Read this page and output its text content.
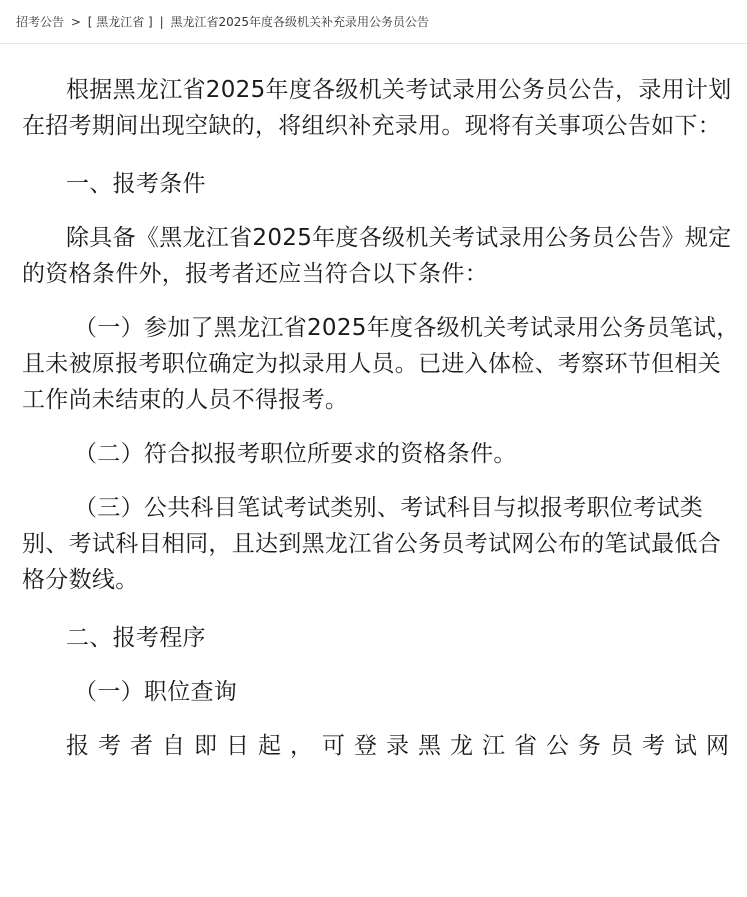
招考公告 > [ 黑龙江省 ] | 黑龙江省2025年度各级机关补充录用公务员公告

根据黑龙江省2025年度各级机关考试录用公务员公告，录用计划在招考期间出现空缺的，将组织补充录用。现将有关事项公告如下：

一、报考条件

除具备《黑龙江省2025年度各级机关考试录用公务员公告》规定的资格条件外，报考者还应当符合以下条件：

（一）参加了黑龙江省2025年度各级机关考试录用公务员笔试，且未被原报考职位确定为拟录用人员。已进入体检、考察环节但相关工作尚未结束的人员不得报考。

（二）符合拟报考职位所要求的资格条件。

（三）公共科目笔试考试类别、考试科目与拟报考职位考试类别、考试科目相同，且达到黑龙江省公务员考试网公布的笔试最低合格分数线。

二、报考程序

（一）职位查询

报考者自即日起，可登录黑龙江省公务员考试网
